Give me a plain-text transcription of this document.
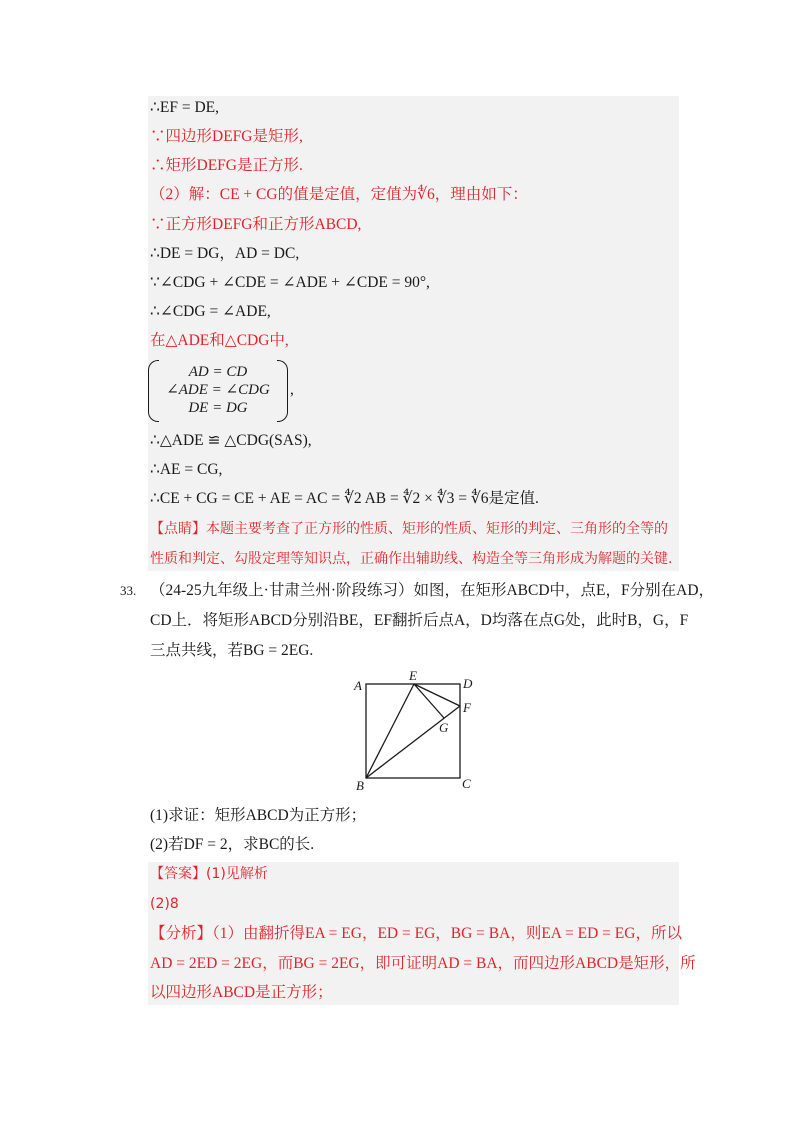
∴EF = DE,
∵四边形DEFG是矩形,
∴矩形DEFG是正方形.
（2）解：CE + CG的值是定值，定值为∜6，理由如下：
∵正方形DEFG和正方形ABCD,
∴DE = DG，AD = DC,
∵∠CDG + ∠CDE = ∠ADE + ∠CDE = 90°,
∴∠CDG = ∠ADE,
在△ADE和△CDG中,
AD = CD
∠ADE = ∠CDG
DE = DG
,
∴△ADE ≌ △CDG(SAS),
∴AE = CG,
∴CE + CG = CE + AE = AC = ∜2 AB = ∜2 × ∜3 = ∜6是定值.
【点睛】本题主要考查了正方形的性质、矩形的性质、矩形的判定、三角形的全等的
性质和判定、勾股定理等知识点，正确作出辅助线、构造全等三角形成为解题的关键.
33. （24-25九年级上·甘肃兰州·阶段练习）如图，在矩形ABCD中，点E，F分别在AD，
CD上．将矩形ABCD分别沿BE，EF翻折后点A，D均落在点G处，此时B，G，F
三点共线，若BG = 2EG.
A
E
D
F
G
B	C
(1)求证：矩形ABCD为正方形；
(2)若DF = 2，求BC的长.
【答案】(1)见解析
(2)8
【分析】（1）由翻折得EA = EG，ED = EG，BG = BA，则EA = ED = EG，所以
AD = 2ED = 2EG，而BG = 2EG，即可证明AD = BA，而四边形ABCD是矩形，所
以四边形ABCD是正方形；
